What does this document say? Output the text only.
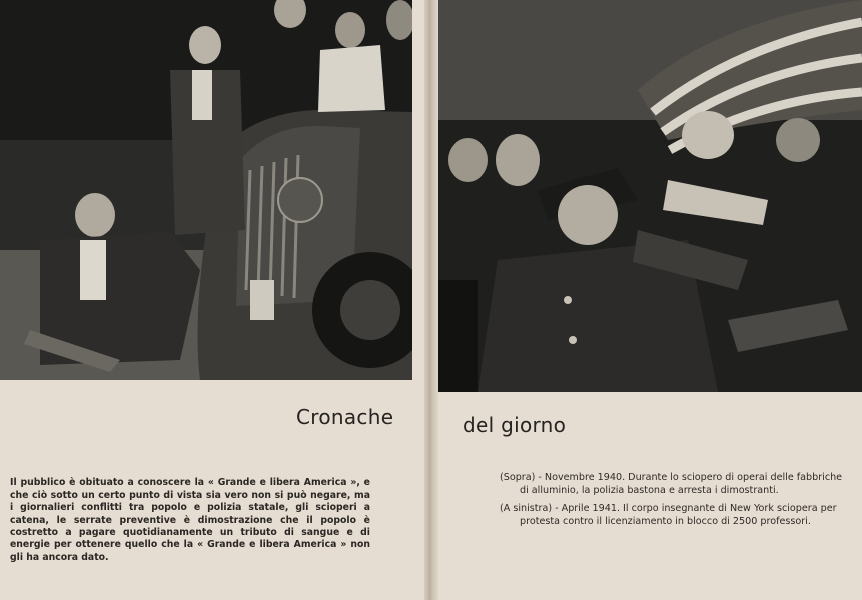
Cronache	del giorno

Il pubblico è obituato a conoscere la « Grande e libera America », e che ciò sotto un certo punto di vista sia vero non si può negare, ma i giornalieri conflitti tra popolo e polizia statale, gli scioperi a catena, le serrate preventive è dimostrazione che il popolo è costretto a pagare quotidianamente un tributo di sangue e di energie per ottenere quello che la « Grande e libera America » non gli ha ancora dato.

(Sopra) - Novembre 1940. Durante lo sciopero di operai delle fabbriche di alluminio, la polizia bastona e arresta i dimostranti.

(A sinistra) - Aprile 1941. Il corpo insegnante di New York sciopera per protesta contro il licenziamento in blocco di 2500 professori.
